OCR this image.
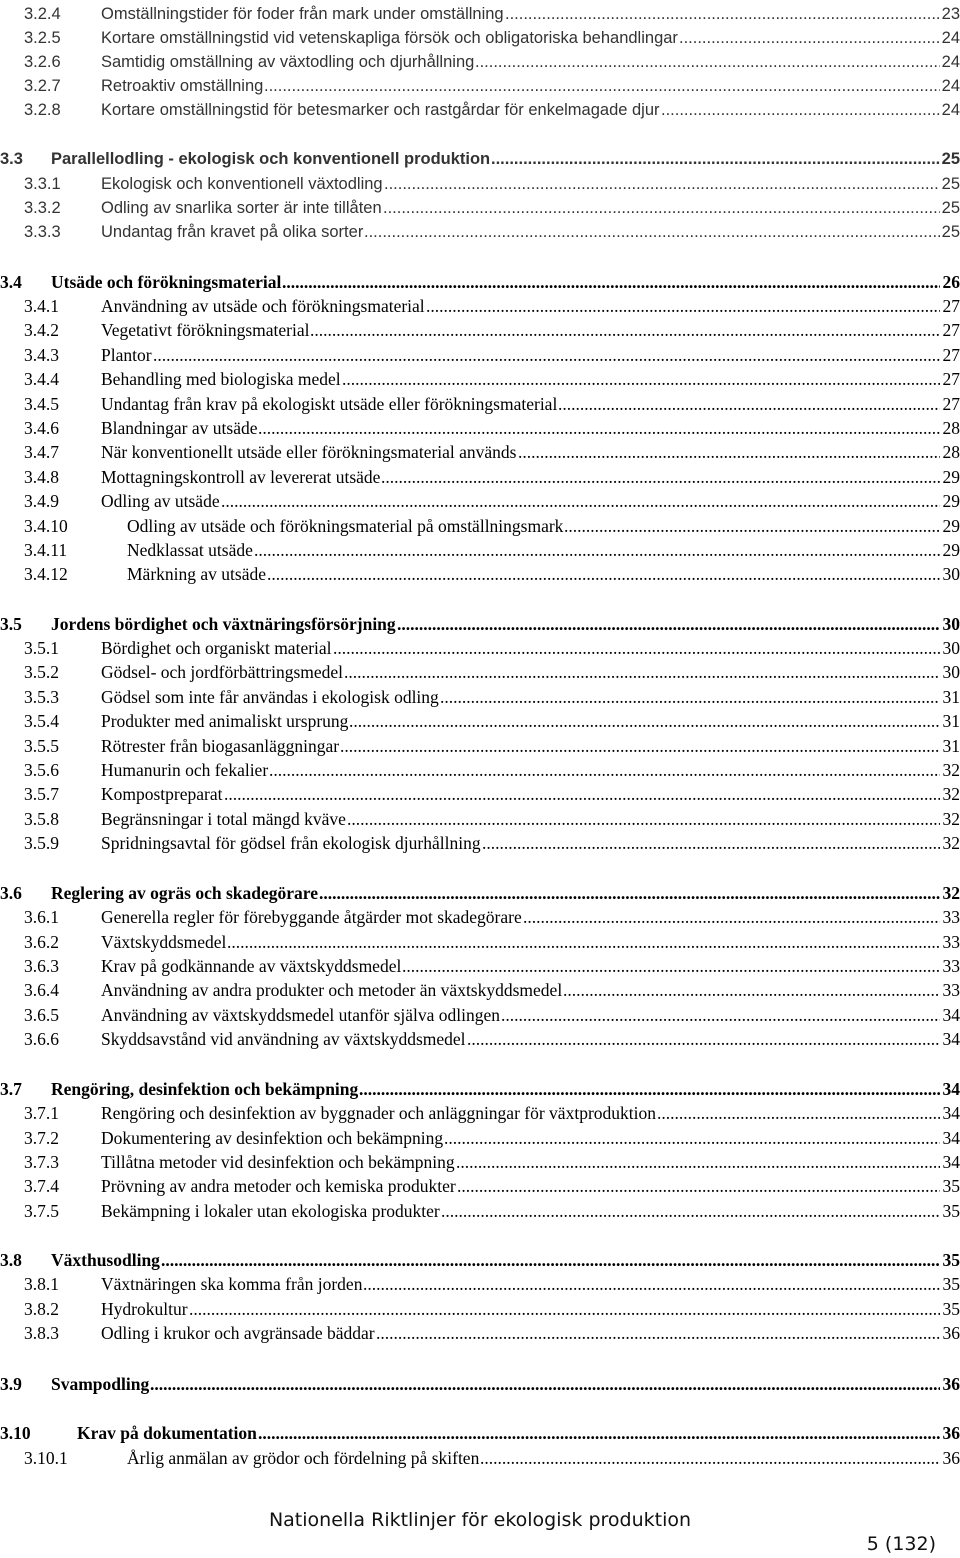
3.2.4 Omställningstider för foder från mark under omställning .....	23
3.2.5 Kortare omställningstid vid vetenskapliga försök och obligatoriska behandlingar .....	24
3.2.6 Samtidig omställning av växtodling och djurhållning .....	24
3.2.7 Retroaktiv omställning .....	24
3.2.8 Kortare omställningstid för betesmarker och rastgårdar för enkelmagade djur .....	24
3.3 Parallellodling - ekologisk och konventionell produktion .....	25
3.3.1 Ekologisk och konventionell växtodling .....	25
3.3.2 Odling av snarlika sorter är inte tillåten .....	25
3.3.3 Undantag från kravet på olika sorter .....	25
3.4 Utsäde och förökningsmaterial .....	26
3.4.1 Användning av utsäde och förökningsmaterial .....	27
3.4.2 Vegetativt förökningsmaterial .....	27
3.4.3 Plantor .....	27
3.4.4 Behandling med biologiska medel .....	27
3.4.5 Undantag från krav på ekologiskt utsäde eller förökningsmaterial .....	27
3.4.6 Blandningar av utsäde .....	28
3.4.7 När konventionellt utsäde eller förökningsmaterial används .....	28
3.4.8 Mottagningskontroll av levererat utsäde .....	29
3.4.9 Odling av utsäde .....	29
3.4.10	Odling av utsäde och förökningsmaterial på omställningsmark .....	29
3.4.11	Nedklassat utsäde .....	29
3.4.12	Märkning av utsäde .....	30
3.5 Jordens bördighet och växtnäringsförsörjning .....	30
3.5.1 Bördighet och organiskt material .....	30
3.5.2 Gödsel- och jordförbättringsmedel .....	30
3.5.3 Gödsel som inte får användas i ekologisk odling .....	31
3.5.4 Produkter med animaliskt ursprung .....	31
3.5.5 Rötrester från biogasanläggningar .....	31
3.5.6 Humanurin och fekalier .....	32
3.5.7 Kompostpreparat .....	32
3.5.8 Begränsningar i total mängd kväve .....	32
3.5.9 Spridningsavtal för gödsel från ekologisk djurhållning .....	32
3.6 Reglering av ogräs och skadegörare .....	32
3.6.1 Generella regler för förebyggande åtgärder mot skadegörare .....	33
3.6.2 Växtskyddsmedel .....	33
3.6.3 Krav på godkännande av växtskyddsmedel .....	33
3.6.4 Användning av andra produkter och metoder än växtskyddsmedel .....	33
3.6.5 Användning av växtskyddsmedel utanför själva odlingen .....	34
3.6.6 Skyddsavstånd vid användning av växtskyddsmedel .....	34
3.7 Rengöring, desinfektion och bekämpning .....	34
3.7.1 Rengöring och desinfektion av byggnader och anläggningar för växtproduktion .....	34
3.7.2 Dokumentering av desinfektion och bekämpning .....	34
3.7.3 Tillåtna metoder vid desinfektion och bekämpning .....	34
3.7.4 Prövning av andra metoder och kemiska produkter .....	35
3.7.5 Bekämpning i lokaler utan ekologiska produkter .....	35
3.8 Växthusodling .....	35
3.8.1 Växtnäringen ska komma från jorden .....	35
3.8.2 Hydrokultur .....	35
3.8.3 Odling i krukor och avgränsade bäddar .....	36
3.9 Svampodling .....	36
3.10	Krav på dokumentation .....	36
3.10.1	Årlig anmälan av grödor och fördelning på skiften .....	36
Nationella Riktlinjer för ekologisk produktion
5 (132)
